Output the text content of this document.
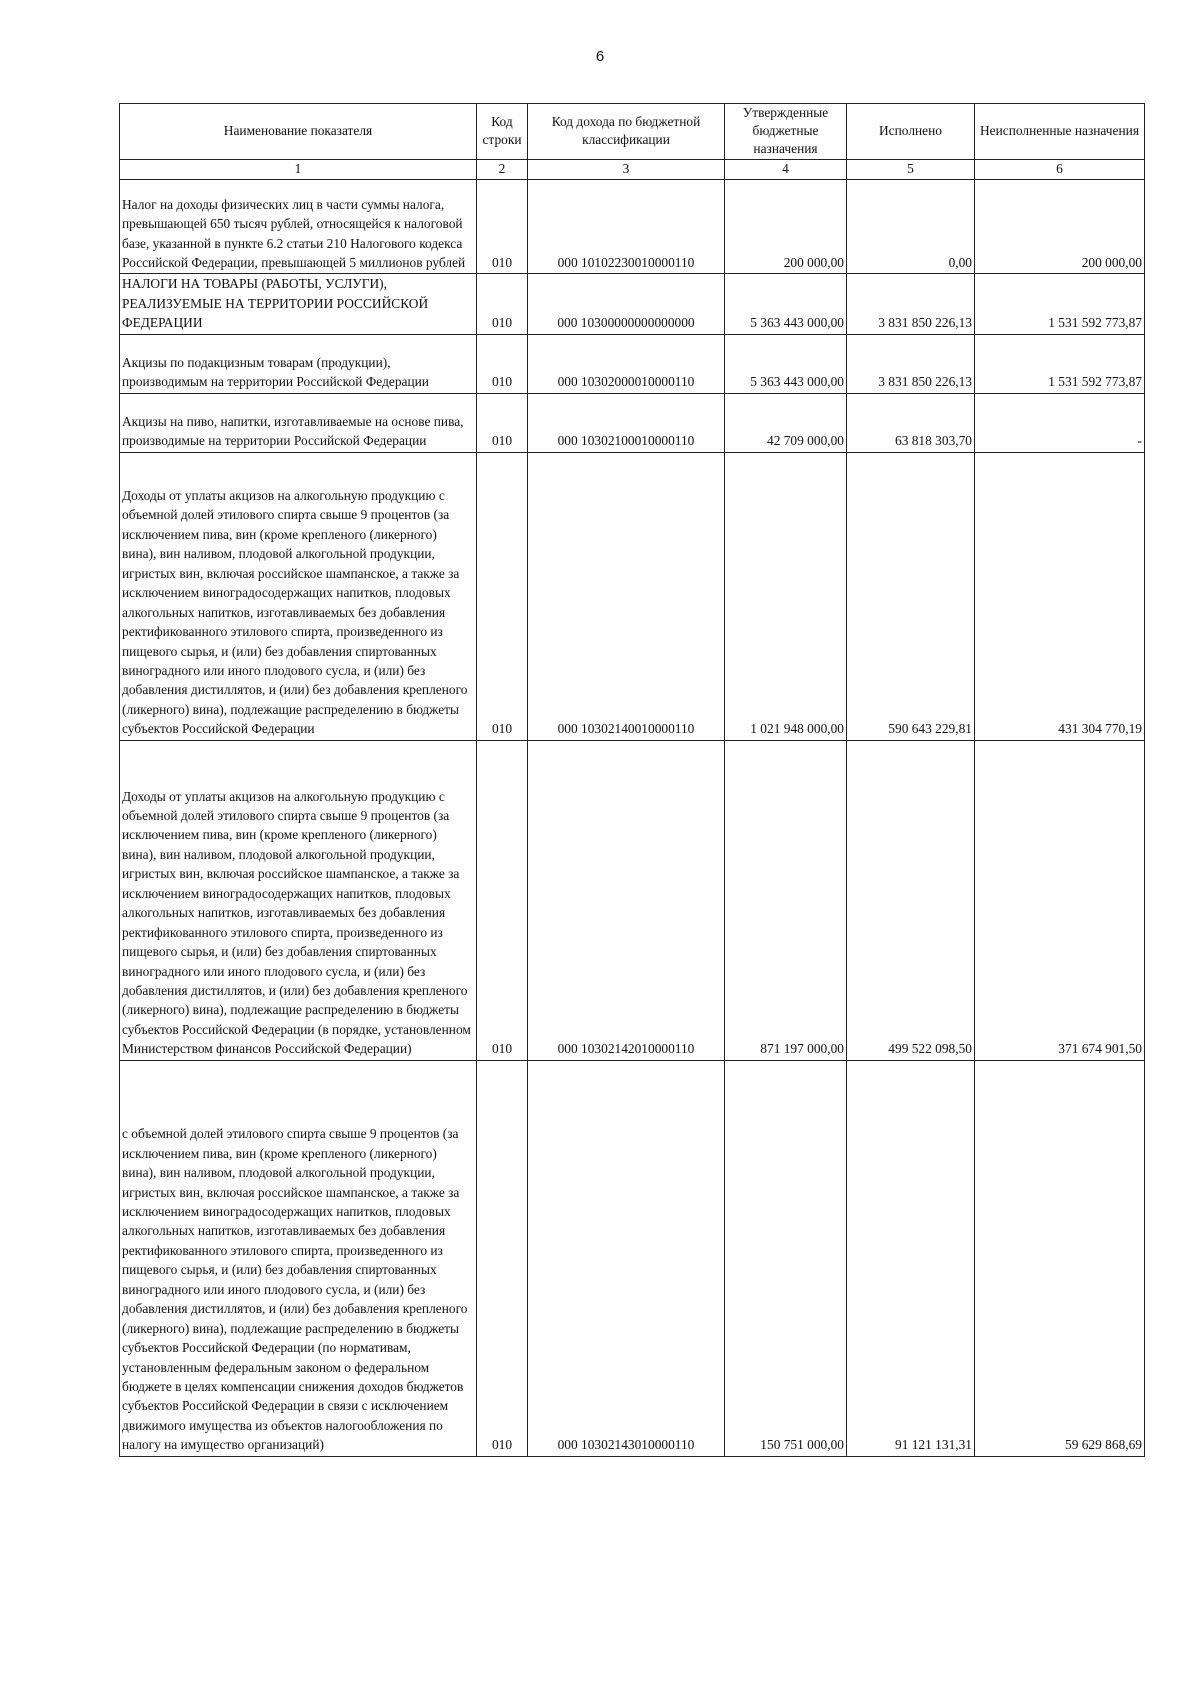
6
Наименование показателя	Код строки	Код дохода по бюджетной классификации	Утвержденные бюджетные назначения	Исполнено	Неисполненные назначения
1	2	3	4	5	6
Налог на доходы физических лиц в части суммы налога, превышающей 650 тысяч рублей, относящейся к налоговой базе, указанной в пункте 6.2 статьи 210 Налогового кодекса Российской Федерации, превышающей 5 миллионов рублей	010	000 10102230010000110	200 000,00	0,00	200 000,00
НАЛОГИ НА ТОВАРЫ (РАБОТЫ, УСЛУГИ), РЕАЛИЗУЕМЫЕ НА ТЕРРИТОРИИ РОССИЙСКОЙ ФЕДЕРАЦИИ	010	000 10300000000000000	5 363 443 000,00	3 831 850 226,13	1 531 592 773,87
Акцизы по подакцизным товарам (продукции), производимым на территории Российской Федерации	010	000 10302000010000110	5 363 443 000,00	3 831 850 226,13	1 531 592 773,87
Акцизы на пиво, напитки, изготавливаемые на основе пива, производимые на территории Российской Федерации	010	000 10302100010000110	42 709 000,00	63 818 303,70	-
Доходы от уплаты акцизов на алкогольную продукцию с объемной долей этилового спирта свыше 9 процентов (за исключением пива, вин (кроме крепленого (ликерного) вина), вин наливом, плодовой алкогольной продукции, игристых вин, включая российское шампанское, а также за исключением виноградосодержащих напитков, плодовых алкогольных напитков, изготавливаемых без добавления ректификованного этилового спирта, произведенного из пищевого сырья, и (или) без добавления спиртованных виноградного или иного плодового сусла, и (или) без добавления дистиллятов, и (или) без добавления крепленого (ликерного) вина), подлежащие распределению в бюджеты субъектов Российской Федерации	010	000 10302140010000110	1 021 948 000,00	590 643 229,81	431 304 770,19
Доходы от уплаты акцизов на алкогольную продукцию с объемной долей этилового спирта свыше 9 процентов (за исключением пива, вин (кроме крепленого (ликерного) вина), вин наливом, плодовой алкогольной продукции, игристых вин, включая российское шампанское, а также за исключением виноградосодержащих напитков, плодовых алкогольных напитков, изготавливаемых без добавления ректификованного этилового спирта, произведенного из пищевого сырья, и (или) без добавления спиртованных виноградного или иного плодового сусла, и (или) без добавления дистиллятов, и (или) без добавления крепленого (ликерного) вина), подлежащие распределению в бюджеты субъектов Российской Федерации (в порядке, установленном Министерством финансов Российской Федерации)	010	000 10302142010000110	871 197 000,00	499 522 098,50	371 674 901,50
с объемной долей этилового спирта свыше 9 процентов (за исключением пива, вин (кроме крепленого (ликерного) вина), вин наливом, плодовой алкогольной продукции, игристых вин, включая российское шампанское, а также за исключением виноградосодержащих напитков, плодовых алкогольных напитков, изготавливаемых без добавления ректификованного этилового спирта, произведенного из пищевого сырья, и (или) без добавления спиртованных виноградного или иного плодового сусла, и (или) без добавления дистиллятов, и (или) без добавления крепленого (ликерного) вина), подлежащие распределению в бюджеты субъектов Российской Федерации (по нормативам, установленным федеральным законом о федеральном бюджете в целях компенсации снижения доходов бюджетов субъектов Российской Федерации в связи с исключением движимого имущества из объектов налогообложения по налогу на имущество организаций)	010	000 10302143010000110	150 751 000,00	91 121 131,31	59 629 868,69
